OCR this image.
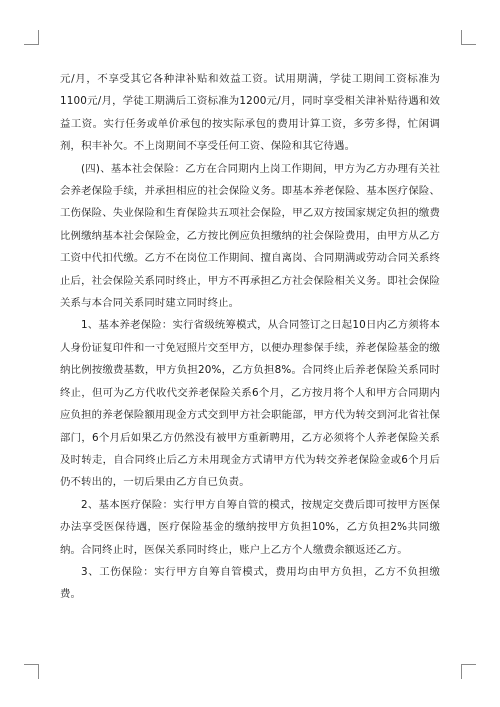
元/月，不享受其它各种津补贴和效益工资。试用期满，学徒工期间工资标准为1100元/月，学徒工期满后工资标准为1200元/月，同时享受相关津补贴待遇和效益工资。实行任务或单价承包的按实际承包的费用计算工资，多劳多得，忙闲调剂，积丰补欠。不上岗期间不享受任何工资、保险和其它待遇。

(四)、基本社会保险：乙方在合同期内上岗工作期间，甲方为乙方办理有关社会养老保险手续，并承担相应的社会保险义务。即基本养老保险、基本医疗保险、工伤保险、失业保险和生育保险共五项社会保险，甲乙双方按国家规定负担的缴费比例缴纳基本社会保险金，乙方按比例应负担缴纳的社会保险费用，由甲方从乙方工资中代扣代缴。乙方不在岗位工作期间、擅自离岗、合同期满或劳动合同关系终止后，社会保险关系同时终止，甲方不再承担乙方社会保险相关义务。即社会保险关系与本合同关系同时建立同时终止。

1、基本养老保险：实行省级统筹模式，从合同签订之日起10日内乙方须将本人身份证复印件和一寸免冠照片交至甲方，以便办理参保手续，养老保险基金的缴纳比例按缴费基数，甲方负担20%，乙方负担8%。合同终止后养老保险关系同时终止，但可为乙方代收代交养老保险关系6个月，乙方按月将个人和甲方合同期内应负担的养老保险额用现金方式交到甲方社会职能部，甲方代为转交到河北省社保部门，6个月后如果乙方仍然没有被甲方重新聘用，乙方必须将个人养老保险关系及时转走，自合同终止后乙方未用现金方式请甲方代为转交养老保险金或6个月后仍不转出的，一切后果由乙方自已负责。

2、基本医疗保险：实行甲方自筹自管的模式，按规定交费后即可按甲方医保办法享受医保待遇，医疗保险基金的缴纳按甲方负担10%，乙方负担2%共同缴纳。合同终止时，医保关系同时终止，账户上乙方个人缴费余额返还乙方。

3、工伤保险：实行甲方自筹自管模式，费用均由甲方负担，乙方不负担缴费。
